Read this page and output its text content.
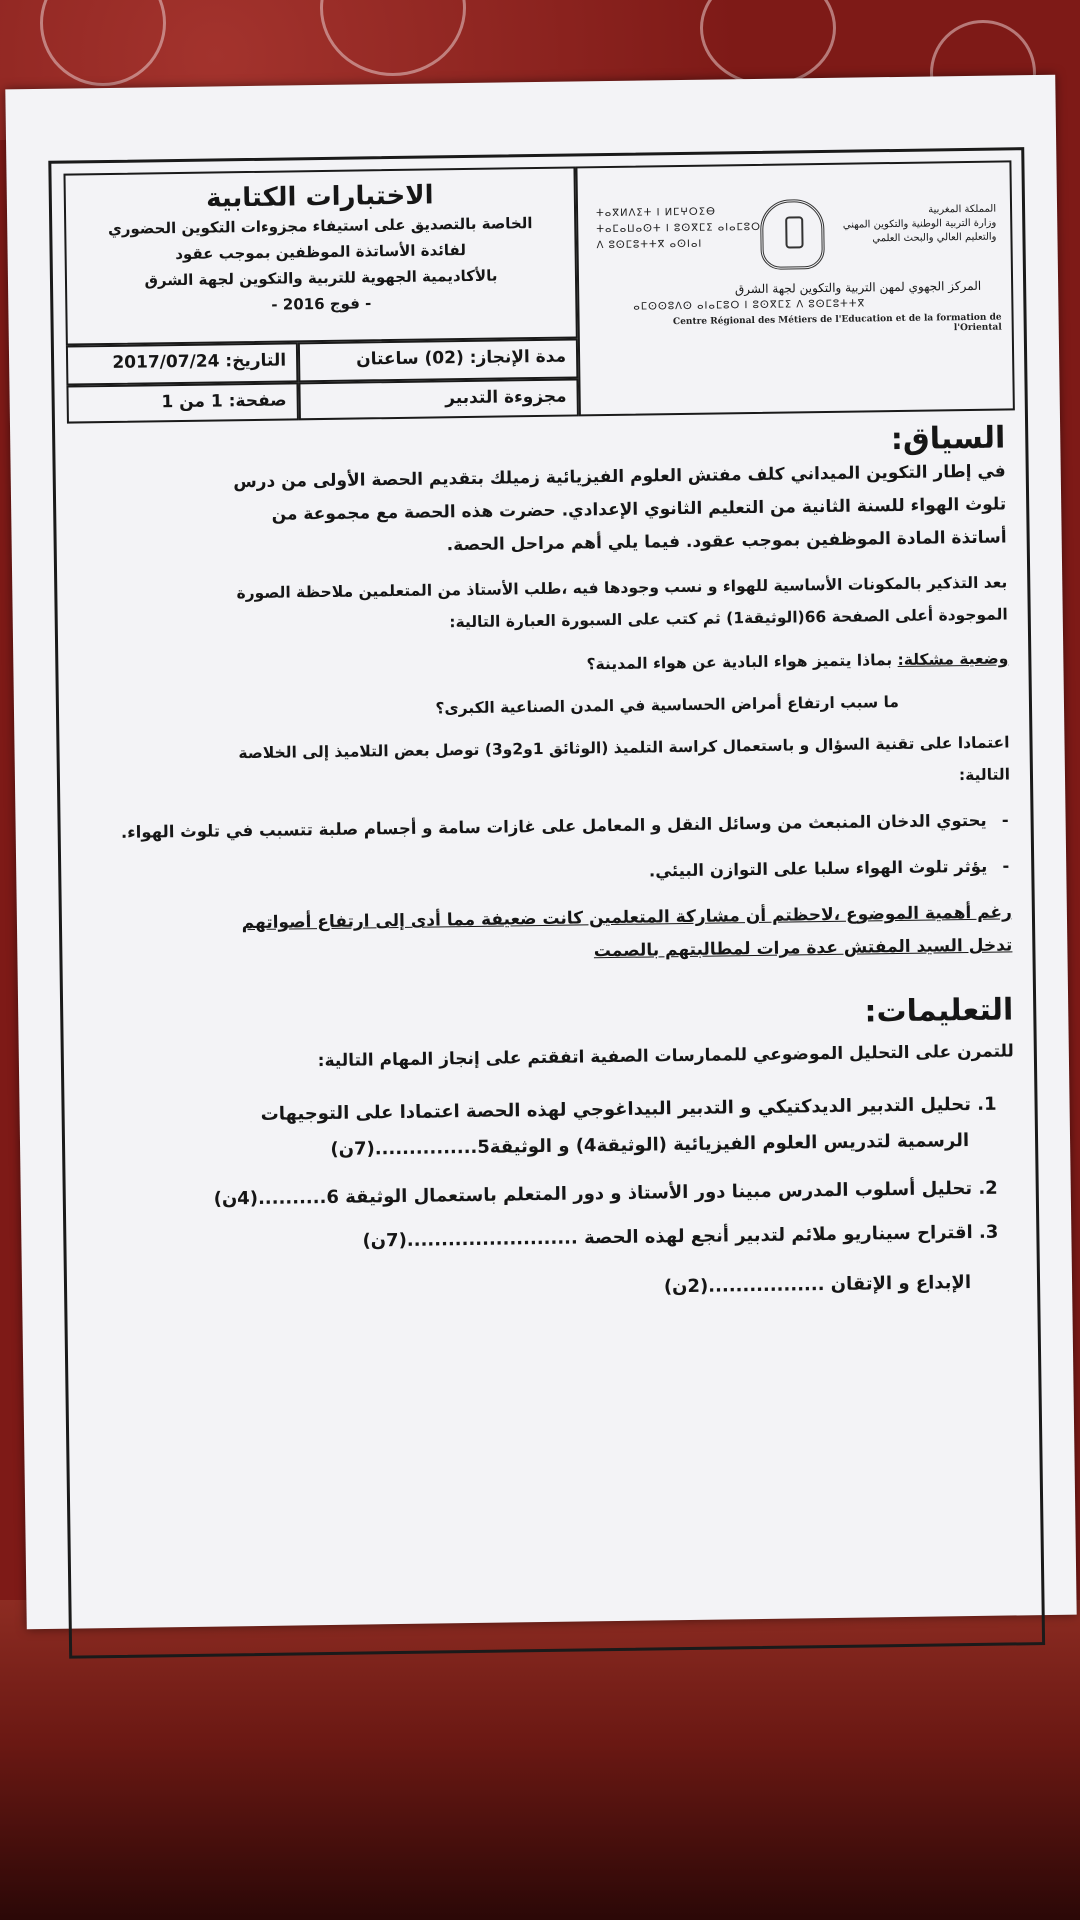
الاختبارات الكتابية
الخاصة بالتصديق على استيفاء مجزوءات التكوين الحضوري
لفائدة الأساتذة الموظفين بموجب عقود
بالأكاديمية الجهوية للتربية والتكوين لجهة الشرق
- فوج 2016 -
المملكة المغربية
وزارة التربية الوطنية والتكوين المهني
والتعليم العالي والبحث العلمي
ⵜⴰⴳⵍⴷⵉⵜ ⵏ ⵍⵎⵖⵔⵉⴱ
ⵜⴰⵎⴰⵡⴰⵙⵜ ⵏ ⵓⵙⴳⵎⵉ ⴰⵏⴰⵎⵓⵔ
ⴷ ⵓⵙⵎⵓⵜⵜⴳ ⴰⵙⵏⴰⵏ
المركز الجهوي لمهن التربية والتكوين لجهة الشرق
ⴰⵎⵙⵙⵓⴷⵙ ⴰⵏⴰⵎⵓⵔ ⵏ ⵓⵙⴳⵎⵉ ⴷ ⵓⵙⵎⵓⵜⵜⴳ
Centre Régional des Métiers de l'Education et de la formation de l'Oriental
التاريخ: 2017/07/24	مدة الإنجاز: (02) ساعتان
صفحة: 1 من 1	مجزوءة التدبير

السياق:

في إطار التكوين الميداني كلف مفتش العلوم الفيزيائية زميلك بتقديم الحصة الأولى من درس

تلوث الهواء للسنة الثانية من التعليم الثانوي الإعدادي. حضرت هذه الحصة مع مجموعة من

أساتذة المادة الموظفين بموجب عقود. فيما يلي أهم مراحل الحصة.

بعد التذكير بالمكونات الأساسية للهواء و نسب وجودها فيه ،طلب الأستاذ من المتعلمين ملاحظة الصورة

الموجودة أعلى الصفحة 66(الوثيقة1) ثم كتب على السبورة العبارة التالية:

وضعية مشكلة: بماذا يتميز هواء البادية عن هواء المدينة؟

ما سبب ارتفاع أمراض الحساسية في المدن الصناعية الكبرى؟

اعتمادا على تقنية السؤال و باستعمال كراسة التلميذ (الوثائق 1و2و3) توصل بعض التلاميذ إلى الخلاصة

التالية:

- يحتوي الدخان المنبعث من وسائل النقل و المعامل على غازات سامة و أجسام صلبة تتسبب في تلوث الهواء.

- يؤثر تلوث الهواء سلبا على التوازن البيئي.

رغم أهمية الموضوع ،لاحظتم أن مشاركة المتعلمين كانت ضعيفة مما أدى إلى ارتفاع أصواتهم

تدخل السيد المفتش عدة مرات لمطالبتهم بالصمت

التعليمات:

للتمرن على التحليل الموضوعي للممارسات الصفية اتفقتم على إنجاز المهام التالية:

1. تحليل التدبير الديدكتيكي و التدبير البيداغوجي لهذه الحصة اعتمادا على التوجيهات

الرسمية لتدريس العلوم الفيزيائية (الوثيقة4) و الوثيقة5...............(7ن)

2. تحليل أسلوب المدرس مبينا دور الأستاذ و دور المتعلم باستعمال الوثيقة 6..........(4ن)

3. اقتراح سيناريو ملائم لتدبير أنجع لهذه الحصة .........................(7ن)

الإبداع و الإتقان .................(2ن)
